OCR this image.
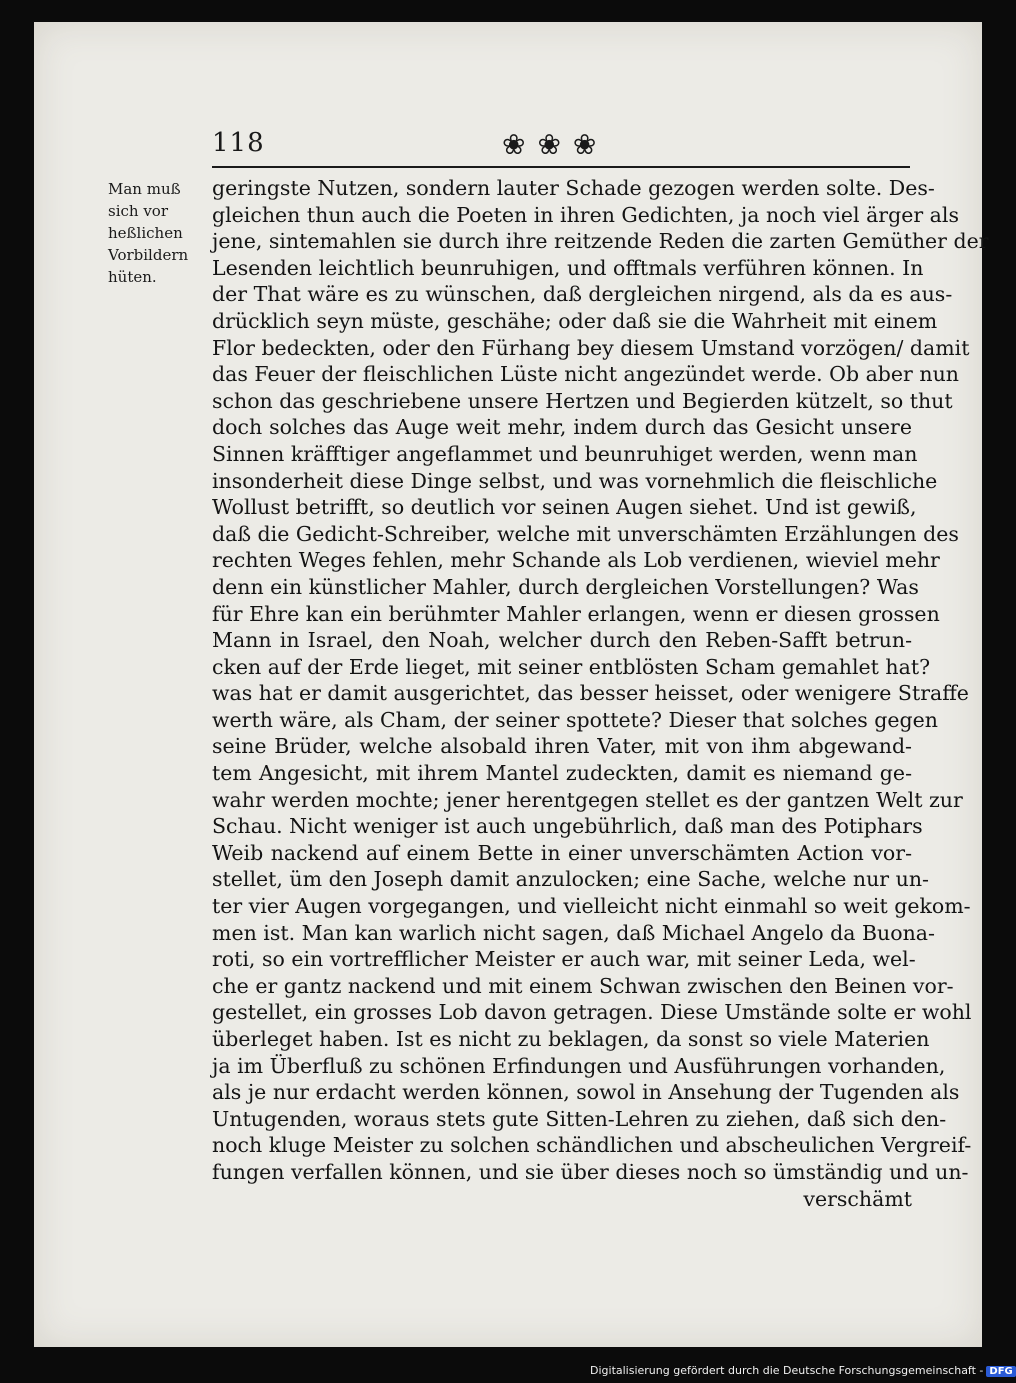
118	❀❀❀
Man muß
sich vor
heßlichen
Vorbildern
hüten.
geringste Nutzen, sondern lauter Schade gezogen werden solte. Des-
gleichen thun auch die Poeten in ihren Gedichten, ja noch viel ärger als
jene, sintemahlen sie durch ihre reitzende Reden die zarten Gemüther der
Lesenden leichtlich beunruhigen, und offtmals verführen können. In
der That wäre es zu wünschen, daß dergleichen nirgend, als da es aus-
drücklich seyn müste, geschähe; oder daß sie die Wahrheit mit einem
Flor bedeckten, oder den Fürhang bey diesem Umstand vorzögen/ damit
das Feuer der fleischlichen Lüste nicht angezündet werde. Ob aber nun
schon das geschriebene unsere Hertzen und Begierden kützelt, so thut
doch solches das Auge weit mehr, indem durch das Gesicht unsere
Sinnen kräfftiger angeflammet und beunruhiget werden, wenn man
insonderheit diese Dinge selbst, und was vornehmlich die fleischliche
Wollust betrifft, so deutlich vor seinen Augen siehet. Und ist gewiß,
daß die Gedicht-Schreiber, welche mit unverschämten Erzählungen des
rechten Weges fehlen, mehr Schande als Lob verdienen, wieviel mehr
denn ein künstlicher Mahler, durch dergleichen Vorstellungen? Was
für Ehre kan ein berühmter Mahler erlangen, wenn er diesen grossen
Mann in Israel, den Noah, welcher durch den Reben-Safft betrun-
cken auf der Erde lieget, mit seiner entblösten Scham gemahlet hat?
was hat er damit ausgerichtet, das besser heisset, oder wenigere Straffe
werth wäre, als Cham, der seiner spottete? Dieser that solches gegen
seine Brüder, welche alsobald ihren Vater, mit von ihm abgewand-
tem Angesicht, mit ihrem Mantel zudeckten, damit es niemand ge-
wahr werden mochte; jener herentgegen stellet es der gantzen Welt zur
Schau. Nicht weniger ist auch ungebührlich, daß man des Potiphars
Weib nackend auf einem Bette in einer unverschämten Action vor-
stellet, üm den Joseph damit anzulocken; eine Sache, welche nur un-
ter vier Augen vorgegangen, und vielleicht nicht einmahl so weit gekom-
men ist. Man kan warlich nicht sagen, daß Michael Angelo da Buona-
roti, so ein vortrefflicher Meister er auch war, mit seiner Leda, wel-
che er gantz nackend und mit einem Schwan zwischen den Beinen vor-
gestellet, ein grosses Lob davon getragen. Diese Umstände solte er wohl
überleget haben. Ist es nicht zu beklagen, da sonst so viele Materien
ja im Überfluß zu schönen Erfindungen und Ausführungen vorhanden,
als je nur erdacht werden können, sowol in Ansehung der Tugenden als
Untugenden, woraus stets gute Sitten-Lehren zu ziehen, daß sich den-
noch kluge Meister zu solchen schändlichen und abscheulichen Vergreif-
fungen verfallen können, und sie über dieses noch so ümständig und un-
verschämt
Digitalisierung gefördert durch die Deutsche Forschungsgemeinschaft - DFG
